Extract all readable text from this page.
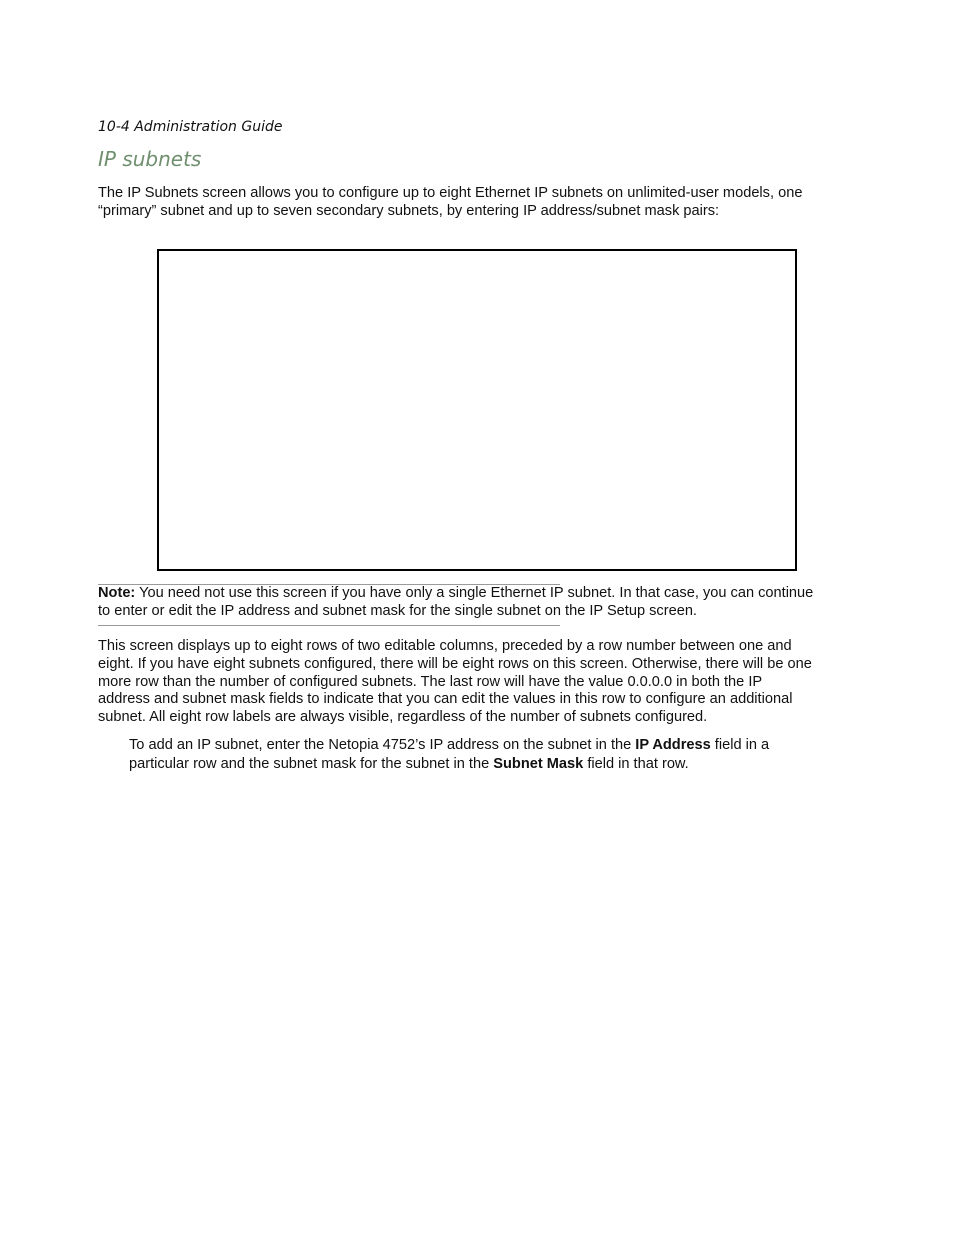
10-4 Administration Guide
IP subnets
The IP Subnets screen allows you to configure up to eight Ethernet IP subnets on unlimited-user models, one
“primary” subnet and up to seven secondary subnets, by entering IP address/subnet mask pairs:
Note: You need not use this screen if you have only a single Ethernet IP subnet. In that case, you can continue
to enter or edit the IP address and subnet mask for the single subnet on the IP Setup screen.
This screen displays up to eight rows of two editable columns, preceded by a row number between one and
eight. If you have eight subnets configured, there will be eight rows on this screen. Otherwise, there will be one
more row than the number of configured subnets. The last row will have the value 0.0.0.0 in both the IP
address and subnet mask fields to indicate that you can edit the values in this row to configure an additional
subnet. All eight row labels are always visible, regardless of the number of subnets configured.
To add an IP subnet, enter the Netopia 4752’s IP address on the subnet in the IP Address field in a
particular row and the subnet mask for the subnet in the Subnet Mask field in that row.
